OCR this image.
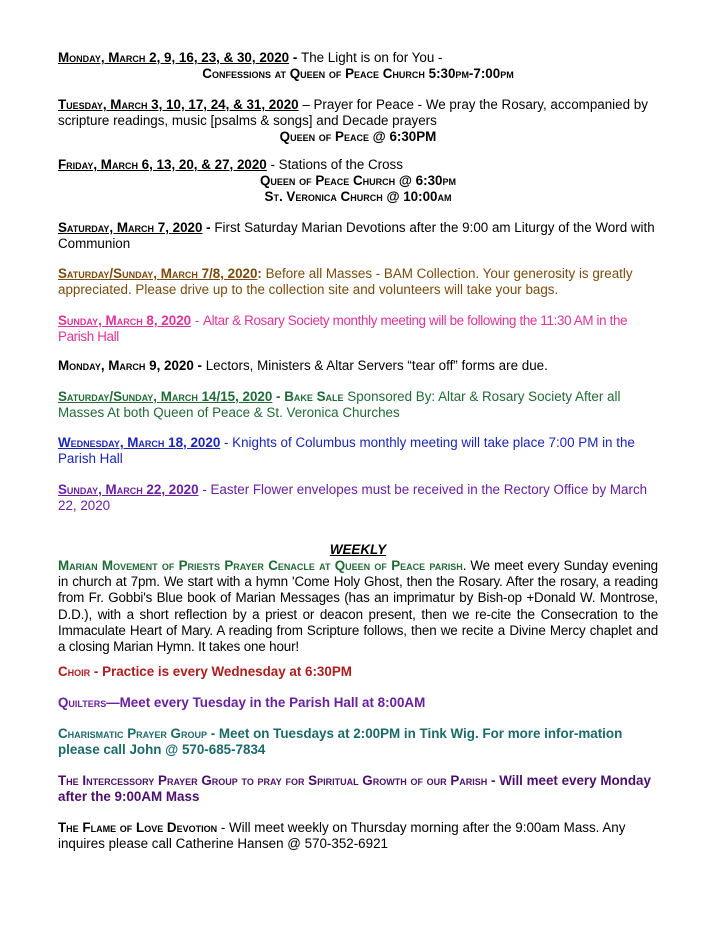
Monday, March 2, 9, 16, 23, & 30, 2020 - The Light is on for You -
Confessions at Queen of Peace Church 5:30pm-7:00pm
Tuesday, March 3, 10, 17, 24, & 31, 2020 – Prayer for Peace - We pray the Rosary, accompanied by scripture readings, music [psalms & songs] and Decade prayers
Queen of Peace @ 6:30PM
Friday, March 6, 13, 20, & 27, 2020 - Stations of the Cross
Queen of Peace Church @ 6:30pm
St. Veronica Church @ 10:00am
Saturday, March 7, 2020 - First Saturday Marian Devotions after the 9:00 am Liturgy of the Word with Communion
Saturday/Sunday, March 7/8, 2020: Before all Masses - BAM Collection. Your generosity is greatly appreciated. Please drive up to the collection site and volunteers will take your bags.
Sunday, March 8, 2020 - Altar & Rosary Society monthly meeting will be following the 11:30 AM in the Parish Hall
Monday, March 9, 2020 - Lectors, Ministers & Altar Servers “tear off” forms are due.
Saturday/Sunday, March 14/15, 2020 - Bake Sale Sponsored By: Altar & Rosary Society After all Masses At both Queen of Peace & St. Veronica Churches
Wednesday, March 18, 2020 - Knights of Columbus monthly meeting will take place 7:00 PM in the Parish Hall
Sunday, March 22, 2020 - Easter Flower envelopes must be received in the Rectory Office by March 22, 2020
WEEKLY
Marian Movement of Priests Prayer Cenacle at Queen of Peace parish. We meet every Sunday evening in church at 7pm. We start with a hymn 'Come Holy Ghost, then the Rosary. After the rosary, a reading from Fr. Gobbi's Blue book of Marian Messages (has an imprimatur by Bish-op +Donald W. Montrose, D.D.), with a short reflection by a priest or deacon present, then we re-cite the Consecration to the Immaculate Heart of Mary. A reading from Scripture follows, then we recite a Divine Mercy chaplet and a closing Marian Hymn. It takes one hour!
Choir - Practice is every Wednesday at 6:30PM
Quilters—Meet every Tuesday in the Parish Hall at 8:00AM
Charismatic Prayer Group - Meet on Tuesdays at 2:00PM in Tink Wig. For more infor-mation please call John @ 570-685-7834
The Intercessory Prayer Group to pray for Spiritual Growth of our Parish - Will meet every Monday after the 9:00AM Mass
The Flame of Love Devotion - Will meet weekly on Thursday morning after the 9:00am Mass. Any inquires please call Catherine Hansen @ 570-352-6921
